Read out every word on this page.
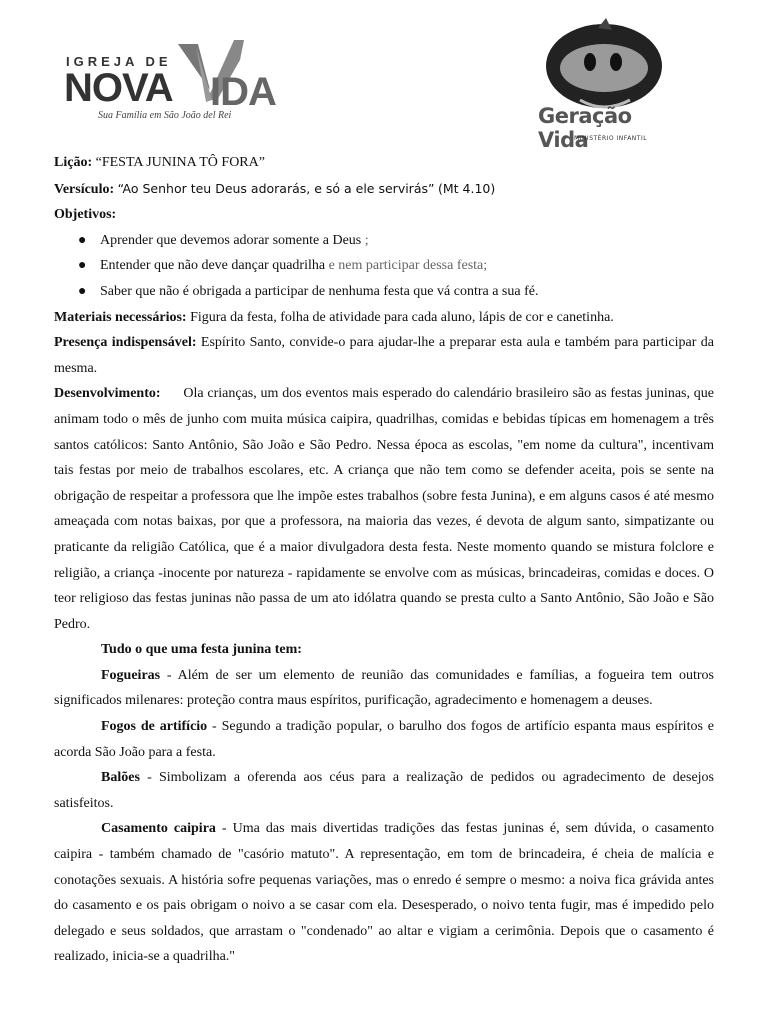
IGREJA DE
NOVA IDA
Sua Família em São João del Rei	Geração Vida
MINISTÉRIO INFANTIL

Lição: “FESTA JUNINA TÔ FORA”

Versículo: “Ao Senhor teu Deus adorarás, e só a ele servirás” (Mt 4.10)

Objetivos:

● Aprender que devemos adorar somente a Deus ;
● Entender que não deve dançar quadrilha e nem participar dessa festa;
● Saber que não é obrigada a participar de nenhuma festa que vá contra a sua fé.

Materiais necessários: Figura da festa, folha de atividade para cada aluno, lápis de cor e canetinha.

Presença indispensável: Espírito Santo, convide-o para ajudar-lhe a preparar esta aula e também para participar da mesma.

Desenvolvimento: Ola crianças, um dos eventos mais esperado do calendário brasileiro são as festas juninas, que animam todo o mês de junho com muita música caipira, quadrilhas, comidas e bebidas típicas em homenagem a três santos católicos: Santo Antônio, São João e São Pedro. Nessa época as escolas, "em nome da cultura", incentivam tais festas por meio de trabalhos escolares, etc. A criança que não tem como se defender aceita, pois se sente na obrigação de respeitar a professora que lhe impõe estes trabalhos (sobre festa Junina), e em alguns casos é até mesmo ameaçada com notas baixas, por que a professora, na maioria das vezes, é devota de algum santo, simpatizante ou praticante da religião Católica, que é a maior divulgadora desta festa. Neste momento quando se mistura folclore e religião, a criança -inocente por natureza - rapidamente se envolve com as músicas, brincadeiras, comidas e doces. O teor religioso das festas juninas não passa de um ato idólatra quando se presta culto a Santo Antônio, São João e São Pedro.

Tudo o que uma festa junina tem:

Fogueiras - Além de ser um elemento de reunião das comunidades e famílias, a fogueira tem outros significados milenares: proteção contra maus espíritos, purificação, agradecimento e homenagem a deuses.

Fogos de artifício - Segundo a tradição popular, o barulho dos fogos de artifício espanta maus espíritos e acorda São João para a festa.

Balões - Simbolizam a oferenda aos céus para a realização de pedidos ou agradecimento de desejos satisfeitos.

Casamento caipira - Uma das mais divertidas tradições das festas juninas é, sem dúvida, o casamento caipira - também chamado de "casório matuto". A representação, em tom de brincadeira, é cheia de malícia e conotações sexuais. A história sofre pequenas variações, mas o enredo é sempre o mesmo: a noiva fica grávida antes do casamento e os pais obrigam o noivo a se casar com ela. Desesperado, o noivo tenta fugir, mas é impedido pelo delegado e seus soldados, que arrastam o "condenado" ao altar e vigiam a cerimônia. Depois que o casamento é realizado, inicia-se a quadrilha."
